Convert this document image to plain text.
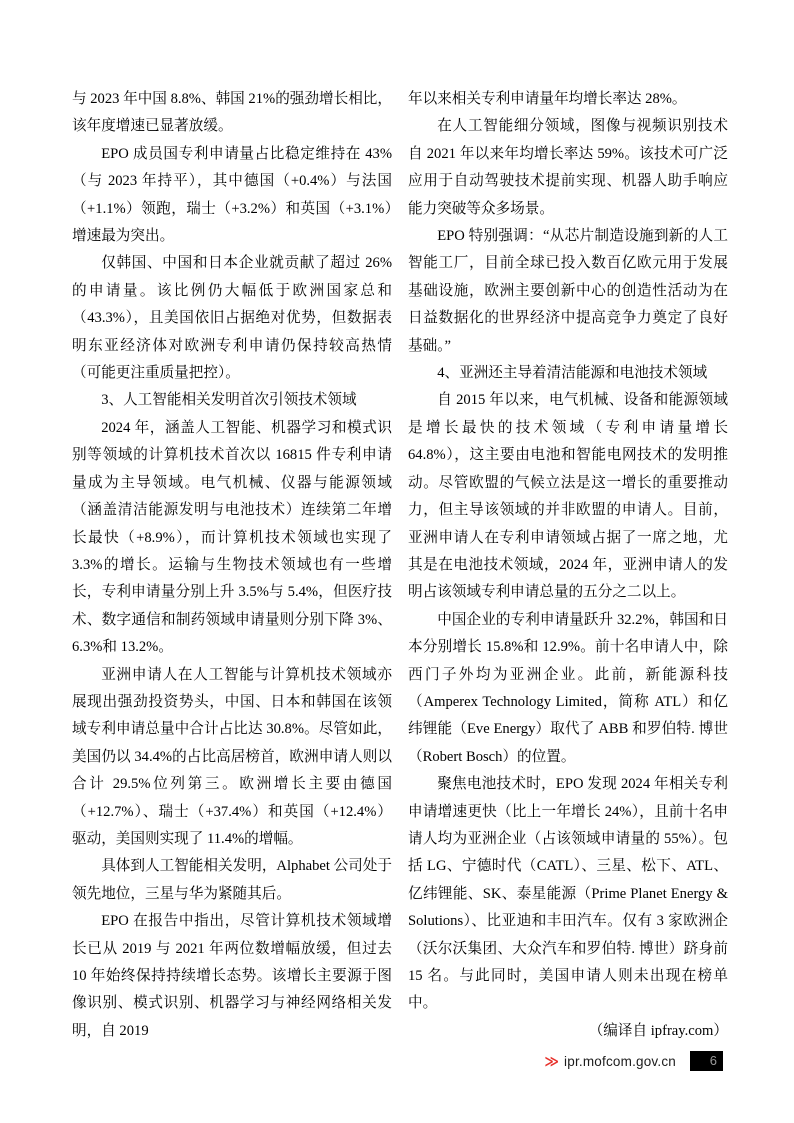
与 2023 年中国 8.8%、韩国 21%的强劲增长相比，该年度增速已显著放缓。

EPO 成员国专利申请量占比稳定维持在 43%（与 2023 年持平），其中德国（+0.4%）与法国（+1.1%）领跑，瑞士（+3.2%）和英国（+3.1%）增速最为突出。

仅韩国、中国和日本企业就贡献了超过 26%的申请量。该比例仍大幅低于欧洲国家总和（43.3%），且美国依旧占据绝对优势，但数据表明东亚经济体对欧洲专利申请仍保持较高热情（可能更注重质量把控）。

3、人工智能相关发明首次引领技术领域

2024 年，涵盖人工智能、机器学习和模式识别等领域的计算机技术首次以 16815 件专利申请量成为主导领域。电气机械、仪器与能源领域（涵盖清洁能源发明与电池技术）连续第二年增长最快（+8.9%），而计算机技术领域也实现了 3.3%的增长。运输与生物技术领域也有一些增长，专利申请量分别上升 3.5%与 5.4%，但医疗技术、数字通信和制药领域申请量则分别下降 3%、6.3%和 13.2%。

亚洲申请人在人工智能与计算机技术领域亦展现出强劲投资势头，中国、日本和韩国在该领域专利申请总量中合计占比达 30.8%。尽管如此，美国仍以 34.4%的占比高居榜首，欧洲申请人则以合计 29.5%位列第三。欧洲增长主要由德国（+12.7%）、瑞士（+37.4%）和英国（+12.4%）驱动，美国则实现了 11.4%的增幅。

具体到人工智能相关发明，Alphabet 公司处于领先地位，三星与华为紧随其后。

EPO 在报告中指出，尽管计算机技术领域增长已从 2019 与 2021 年两位数增幅放缓，但过去 10 年始终保持持续增长态势。该增长主要源于图像识别、模式识别、机器学习与神经网络相关发明，自 2019

年以来相关专利申请量年均增长率达 28%。

在人工智能细分领域，图像与视频识别技术自 2021 年以来年均增长率达 59%。该技术可广泛应用于自动驾驶技术提前实现、机器人助手响应能力突破等众多场景。

EPO 特别强调：“从芯片制造设施到新的人工智能工厂，目前全球已投入数百亿欧元用于发展基础设施，欧洲主要创新中心的创造性活动为在日益数据化的世界经济中提高竞争力奠定了良好基础。”

4、亚洲还主导着清洁能源和电池技术领域

自 2015 年以来，电气机械、设备和能源领域是增长最快的技术领域（专利申请量增长 64.8%），这主要由电池和智能电网技术的发明推动。尽管欧盟的气候立法是这一增长的重要推动力，但主导该领域的并非欧盟的申请人。目前，亚洲申请人在专利申请领域占据了一席之地，尤其是在电池技术领域，2024 年，亚洲申请人的发明占该领域专利申请总量的五分之二以上。

中国企业的专利申请量跃升 32.2%，韩国和日本分别增长 15.8%和 12.9%。前十名申请人中，除西门子外均为亚洲企业。此前，新能源科技（Amperex Technology Limited，简称 ATL）和亿纬锂能（Eve Energy）取代了 ABB 和罗伯特. 博世（Robert Bosch）的位置。

聚焦电池技术时，EPO 发现 2024 年相关专利申请增速更快（比上一年增长 24%），且前十名申请人均为亚洲企业（占该领域申请量的 55%）。包括 LG、宁德时代（CATL）、三星、松下、ATL、亿纬锂能、SK、泰星能源（Prime Planet Energy & Solutions）、比亚迪和丰田汽车。仅有 3 家欧洲企（沃尔沃集团、大众汽车和罗伯特. 博世）跻身前 15 名。与此同时，美国申请人则未出现在榜单中。

（编译自 ipfray.com）

≫ ipr.mofcom.gov.cn	6
